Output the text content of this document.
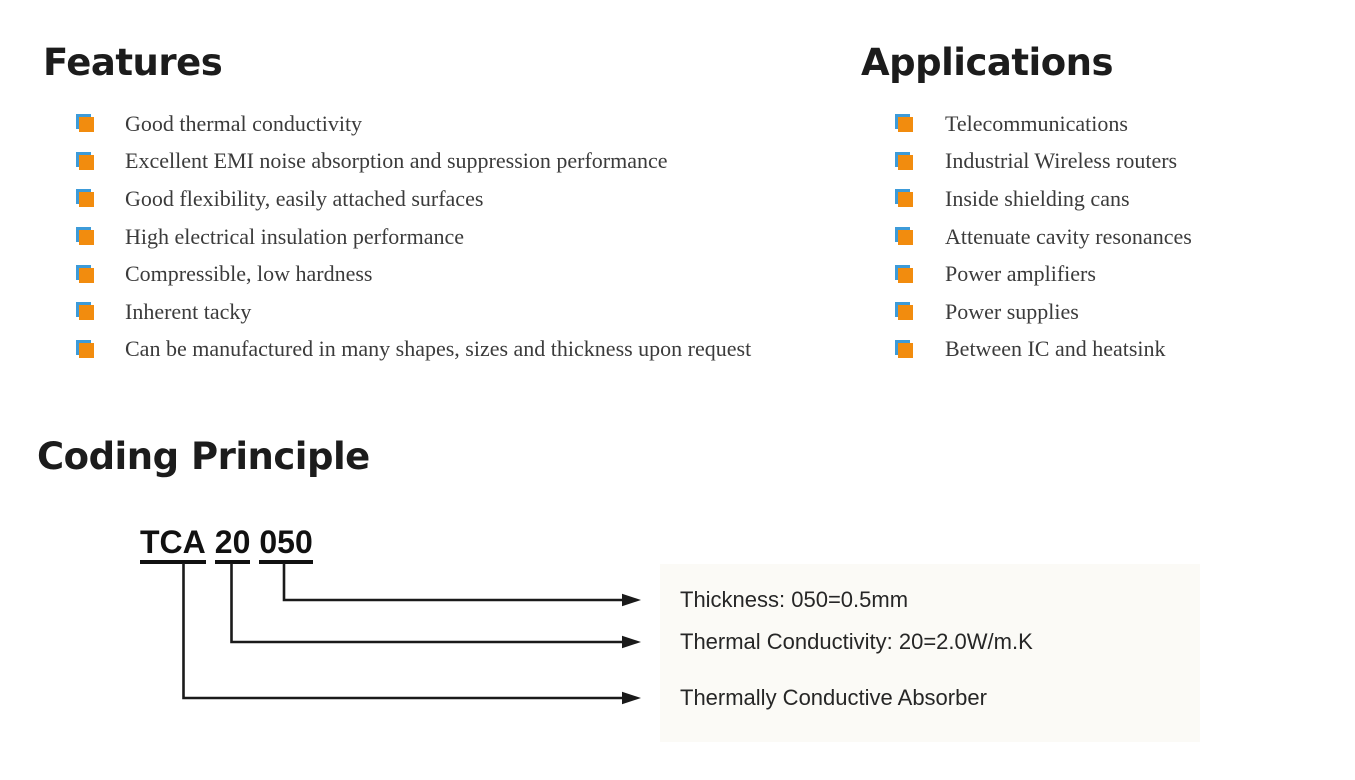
Features	Applications
Good thermal conductivity
Excellent EMI noise absorption and suppression performance
Good flexibility, easily attached surfaces
High electrical insulation performance
Compressible, low hardness
Inherent tacky
Can be manufactured in many shapes, sizes and thickness upon request
Telecommunications
Industrial Wireless routers
Inside shielding cans
Attenuate cavity resonances
Power amplifiers
Power supplies
Between IC and heatsink
Coding Principle
TCA 20 050
Thickness: 050=0.5mm
Thermal Conductivity: 20=2.0W/m.K
Thermally Conductive Absorber
